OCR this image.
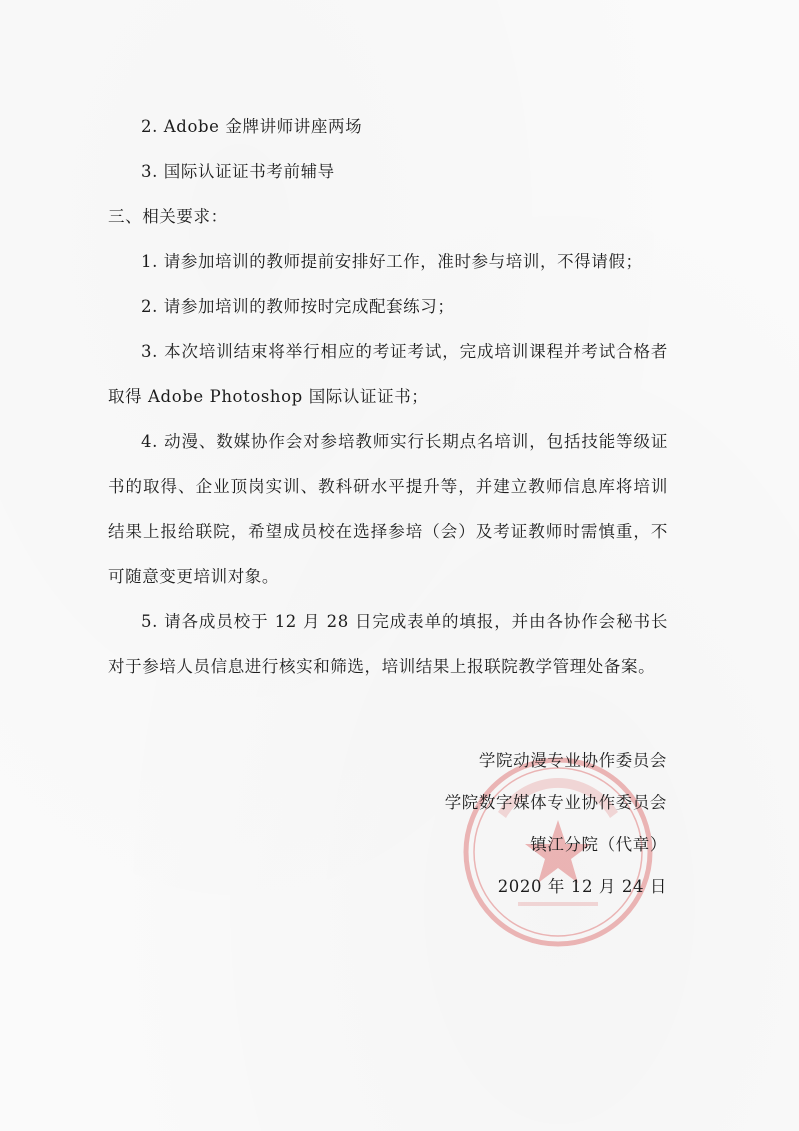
2. Adobe 金牌讲师讲座两场

3. 国际认证证书考前辅导

三、相关要求：

1. 请参加培训的教师提前安排好工作，准时参与培训，不得请假；

2. 请参加培训的教师按时完成配套练习；

3. 本次培训结束将举行相应的考证考试，完成培训课程并考试合格者取得 Adobe Photoshop 国际认证证书；

4. 动漫、数媒协作会对参培教师实行长期点名培训，包括技能等级证书的取得、企业顶岗实训、教科研水平提升等，并建立教师信息库将培训结果上报给联院，希望成员校在选择参培（会）及考证教师时需慎重，不可随意变更培训对象。

5. 请各成员校于 12 月 28 日完成表单的填报，并由各协作会秘书长对于参培人员信息进行核实和筛选，培训结果上报联院教学管理处备案。

学院动漫专业协作委员会
学院数字媒体专业协作委员会
镇江分院（代章）
2020 年 12 月 24 日
